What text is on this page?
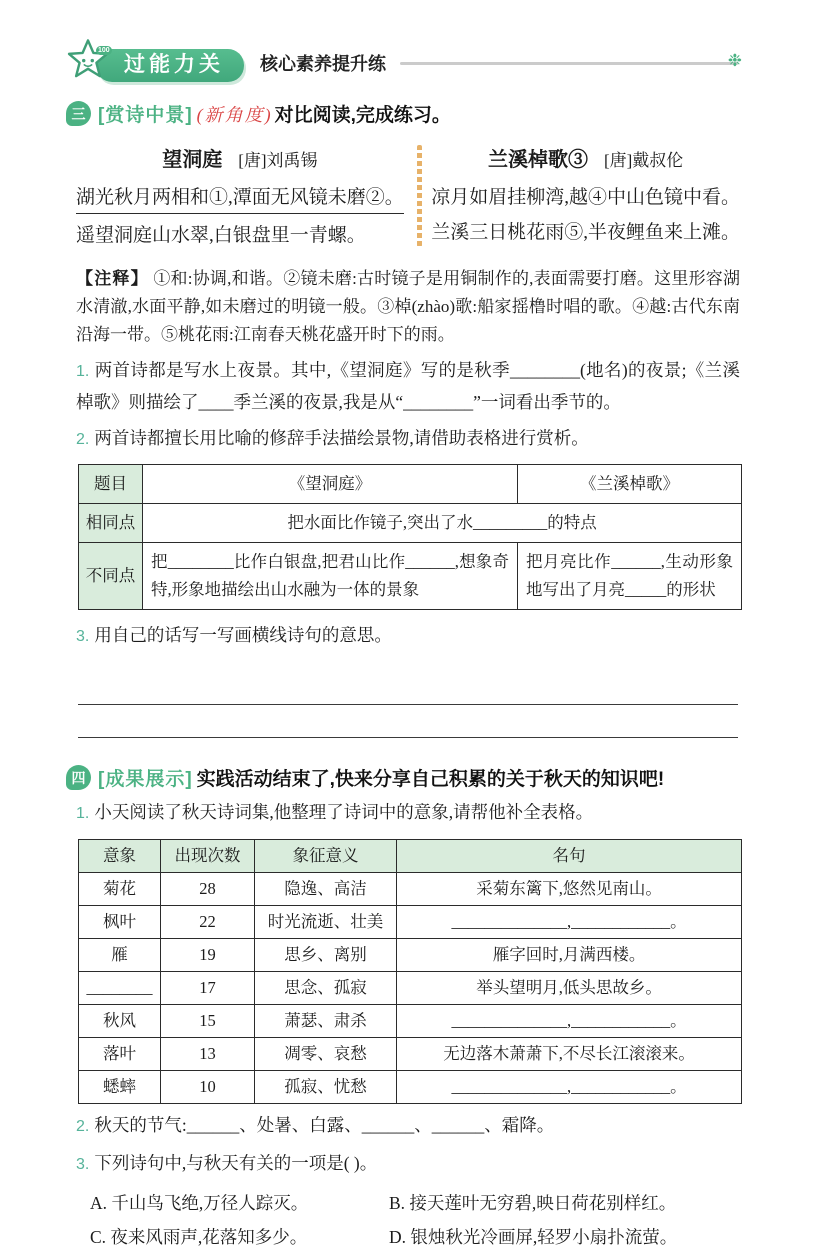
100
过能力关	核心素养提升练	❉
三 [赏诗中景] (新角度) 对比阅读,完成练习。
望洞庭 [唐]刘禹锡
湖光秋月两相和①,潭面无风镜未磨②。
遥望洞庭山水翠,白银盘里一青螺。
兰溪棹歌③ [唐]戴叔伦
凉月如眉挂柳湾,越④中山色镜中看。
兰溪三日桃花雨⑤,半夜鲤鱼来上滩。

【注释】 ①和:协调,和谐。②镜未磨:古时镜子是用铜制作的,表面需要打磨。这里形容湖水清澈,水面平静,如未磨过的明镜一般。③棹(zhào)歌:船家摇橹时唱的歌。④越:古代东南沿海一带。⑤桃花雨:江南春天桃花盛开时下的雨。

1. 两首诗都是写水上夜景。其中,《望洞庭》写的是秋季________(地名)的夜景;《兰溪棹歌》则描绘了____季兰溪的夜景,我是从“________”一词看出季节的。

2. 两首诗都擅长用比喻的修辞手法描绘景物,请借助表格进行赏析。

题目	《望洞庭》	《兰溪棹歌》
相同点	把水面比作镜子,突出了水_________的特点	
不同点	把________比作白银盘,把君山比作______,想象奇特,形象地描绘出山水融为一体的景象	把月亮比作______,生动形象地写出了月亮_____的形状

3. 用自己的话写一写画横线诗句的意思。

四 [成果展示] 实践活动结束了,快来分享自己积累的关于秋天的知识吧!

1. 小天阅读了秋天诗词集,他整理了诗词中的意象,请帮他补全表格。

意象	出现次数	象征意义	名句
菊花	28	隐逸、高洁	采菊东篱下,悠然见南山。
枫叶	22	时光流逝、壮美	______________,____________。
雁	19	思乡、离别	雁字回时,月满西楼。
________	17	思念、孤寂	举头望明月,低头思故乡。
秋风	15	萧瑟、肃杀	______________,____________。
落叶	13	凋零、哀愁	无边落木萧萧下,不尽长江滚滚来。
蟋蟀	10	孤寂、忧愁	______________,____________。

2. 秋天的节气:______、处暑、白露、______、______、霜降。

3. 下列诗句中,与秋天有关的一项是( )。

A. 千山鸟飞绝,万径人踪灭。	B. 接天莲叶无穷碧,映日荷花别样红。
C. 夜来风雨声,花落知多少。	D. 银烛秋光冷画屏,轻罗小扇扑流萤。
